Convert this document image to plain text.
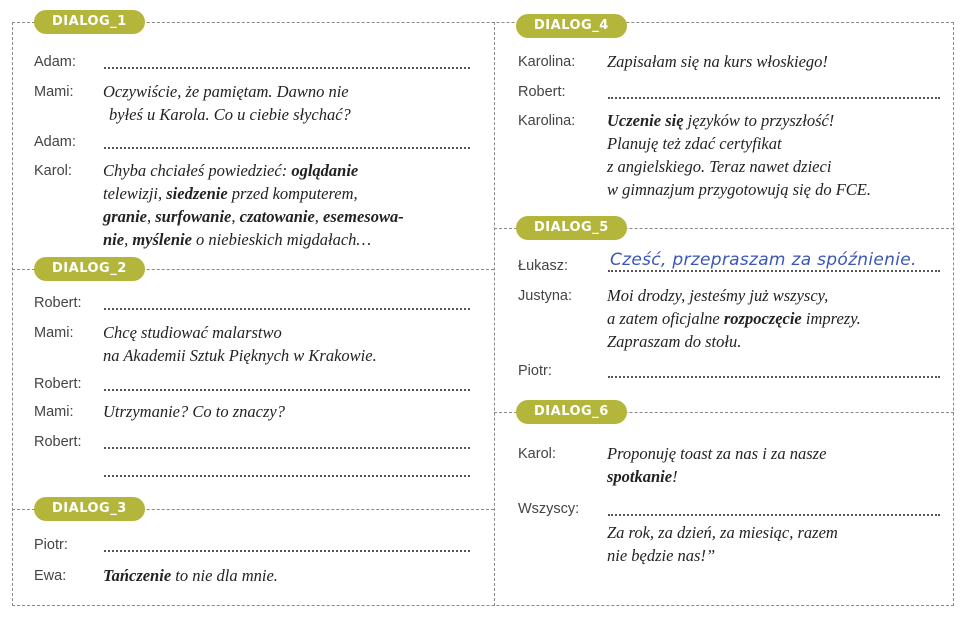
DIALOG_1
Adam:
Mami: Oczywiście, że pamiętam. Dawno nie
byłeś u Karola. Co u ciebie słychać?
Adam:
Karol: Chyba chciałeś powiedzieć: oglądanie
telewizji, siedzenie przed komputerem,
granie, surfowanie, czatowanie, esemesowa-
nie, myślenie o niebieskich migdałach…
DIALOG_2
Robert:
Mami: Chcę studiować malarstwo
na Akademii Sztuk Pięknych w Krakowie.
Robert:
Mami: Utrzymanie? Co to znaczy?
Robert:
DIALOG_3
Piotr:
Ewa: Tańczenie to nie dla mnie.
DIALOG_4
Karolina: Zapisałam się na kurs włoskiego!
Robert:
Karolina: Uczenie się języków to przyszłość!
Planuję też zdać certyfikat
z angielskiego. Teraz nawet dzieci
w gimnazjum przygotowują się do FCE.
DIALOG_5
Łukasz: Cześć, przepraszam za spóźnienie.
Justyna: Moi drodzy, jesteśmy już wszyscy,
a zatem oficjalne rozpoczęcie imprezy.
Zapraszam do stołu.
Piotr:
DIALOG_6
Karol:	Proponuję toast za nas i za nasze
spotkanie!
Wszyscy:
Za rok, za dzień, za miesiąc, razem
nie będzie nas!”
